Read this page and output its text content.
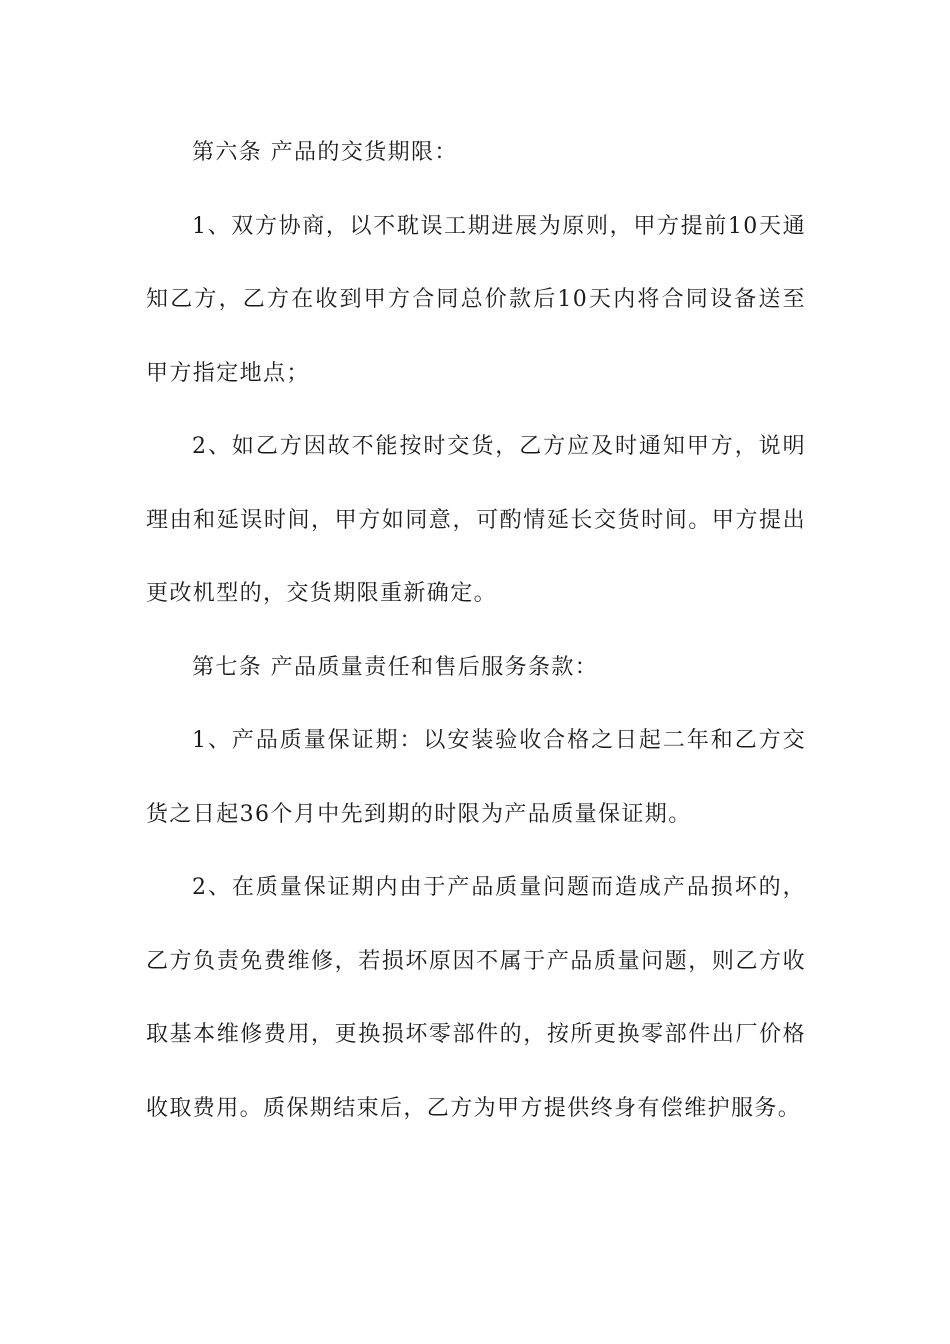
第六条 产品的交货期限：

1、双方协商，以不耽误工期进展为原则，甲方提前10天通知乙方，乙方在收到甲方合同总价款后10天内将合同设备送至甲方指定地点；

2、如乙方因故不能按时交货，乙方应及时通知甲方，说明理由和延误时间，甲方如同意，可酌情延长交货时间。甲方提出更改机型的，交货期限重新确定。

第七条 产品质量责任和售后服务条款：

1、产品质量保证期：以安装验收合格之日起二年和乙方交货之日起36个月中先到期的时限为产品质量保证期。

2、在质量保证期内由于产品质量问题而造成产品损坏的，乙方负责免费维修，若损坏原因不属于产品质量问题，则乙方收取基本维修费用，更换损坏零部件的，按所更换零部件出厂价格收取费用。质保期结束后，乙方为甲方提供终身有偿维护服务。
